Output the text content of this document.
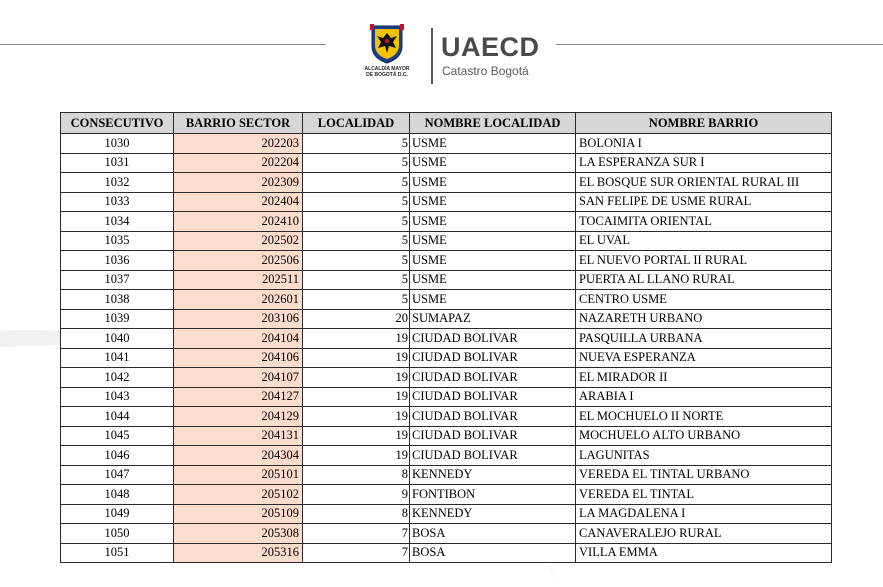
ALCALDÍA MAYOR
DE BOGOTÁ D.C.
UAECD
Catastro Bogotá
CONSECUTIVO	BARRIO SECTOR	LOCALIDAD	NOMBRE LOCALIDAD	NOMBRE BARRIO
1030	202203	5	USME	BOLONIA I
1031	202204	5	USME	LA ESPERANZA SUR I
1032	202309	5	USME	EL BOSQUE SUR ORIENTAL RURAL III
1033	202404	5	USME	SAN FELIPE DE USME RURAL
1034	202410	5	USME	TOCAIMITA ORIENTAL
1035	202502	5	USME	EL UVAL
1036	202506	5	USME	EL NUEVO PORTAL II RURAL
1037	202511	5	USME	PUERTA AL LLANO RURAL
1038	202601	5	USME	CENTRO USME
1039	203106	20	SUMAPAZ	NAZARETH URBANO
1040	204104	19	CIUDAD BOLIVAR	PASQUILLA URBANA
1041	204106	19	CIUDAD BOLIVAR	NUEVA ESPERANZA
1042	204107	19	CIUDAD BOLIVAR	EL MIRADOR II
1043	204127	19	CIUDAD BOLIVAR	ARABIA I
1044	204129	19	CIUDAD BOLIVAR	EL MOCHUELO II NORTE
1045	204131	19	CIUDAD BOLIVAR	MOCHUELO ALTO URBANO
1046	204304	19	CIUDAD BOLIVAR	LAGUNITAS
1047	205101	8	KENNEDY	VEREDA EL TINTAL URBANO
1048	205102	9	FONTIBON	VEREDA EL TINTAL
1049	205109	8	KENNEDY	LA MAGDALENA I
1050	205308	7	BOSA	CANAVERALEJO RURAL
1051	205316	7	BOSA	VILLA EMMA
